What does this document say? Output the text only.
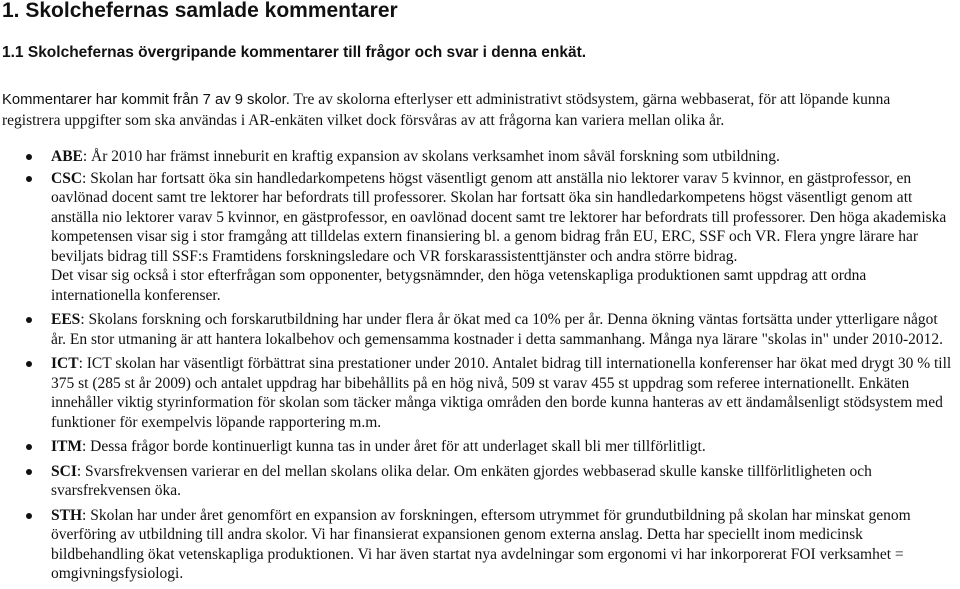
1. Skolchefernas samlade kommentarer
1.1 Skolchefernas övergripande kommentarer till frågor och svar i denna enkät.

Kommentarer har kommit från 7 av 9 skolor. Tre av skolorna efterlyser ett administrativt stödsystem, gärna webbaserat, för att löpande kunna registrera uppgifter som ska användas i AR-enkäten vilket dock försvåras av att frågorna kan variera mellan olika år.

ABE: År 2010 har främst inneburit en kraftig expansion av skolans verksamhet inom såväl forskning som utbildning.
CSC: Skolan har fortsatt öka sin handledarkompetens högst väsentligt genom att anställa nio lektorer varav 5 kvinnor, en gästprofessor, en oavlönad docent samt tre lektorer har befordrats till professorer. Skolan har fortsatt öka sin handledarkompetens högst väsentligt genom att anställa nio lektorer varav 5 kvinnor, en gästprofessor, en oavlönad docent samt tre lektorer har befordrats till professorer. Den höga akademiska kompetensen visar sig i stor framgång att tilldelas extern finansiering bl. a genom bidrag från EU, ERC, SSF och VR. Flera yngre lärare har beviljats bidrag till SSF:s Framtidens forskningsledare och VR forskarassistenttjänster och andra större bidrag.
Det visar sig också i stor efterfrågan som opponenter, betygsnämnder, den höga vetenskapliga produktionen samt uppdrag att ordna internationella konferenser.
EES: Skolans forskning och forskarutbildning har under flera år ökat med ca 10% per år. Denna ökning väntas fortsätta under ytterligare något år. En stor utmaning är att hantera lokalbehov och gemensamma kostnader i detta sammanhang. Många nya lärare "skolas in" under 2010-2012.
ICT: ICT skolan har väsentligt förbättrat sina prestationer under 2010. Antalet bidrag till internationella konferenser har ökat med drygt 30 % till 375 st (285 st år 2009) och antalet uppdrag har bibehållits på en hög nivå, 509 st varav 455 st uppdrag som referee internationellt. Enkäten innehåller viktig styrinformation för skolan som täcker många viktiga områden den borde kunna hanteras av ett ändamålsenligt stödsystem med funktioner för exempelvis löpande rapportering m.m.
ITM: Dessa frågor borde kontinuerligt kunna tas in under året för att underlaget skall bli mer tillförlitligt.
SCI: Svarsfrekvensen varierar en del mellan skolans olika delar. Om enkäten gjordes webbaserad skulle kanske tillförlitligheten och svarsfrekvensen öka.
STH: Skolan har under året genomfört en expansion av forskningen, eftersom utrymmet för grundutbildning på skolan har minskat genom överföring av utbildning till andra skolor. Vi har finansierat expansionen genom externa anslag. Detta har speciellt inom medicinsk bildbehandling ökat vetenskapliga produktionen. Vi har även startat nya avdelningar som ergonomi vi har inkorporerat FOI verksamhet = omgivningsfysiologi.
